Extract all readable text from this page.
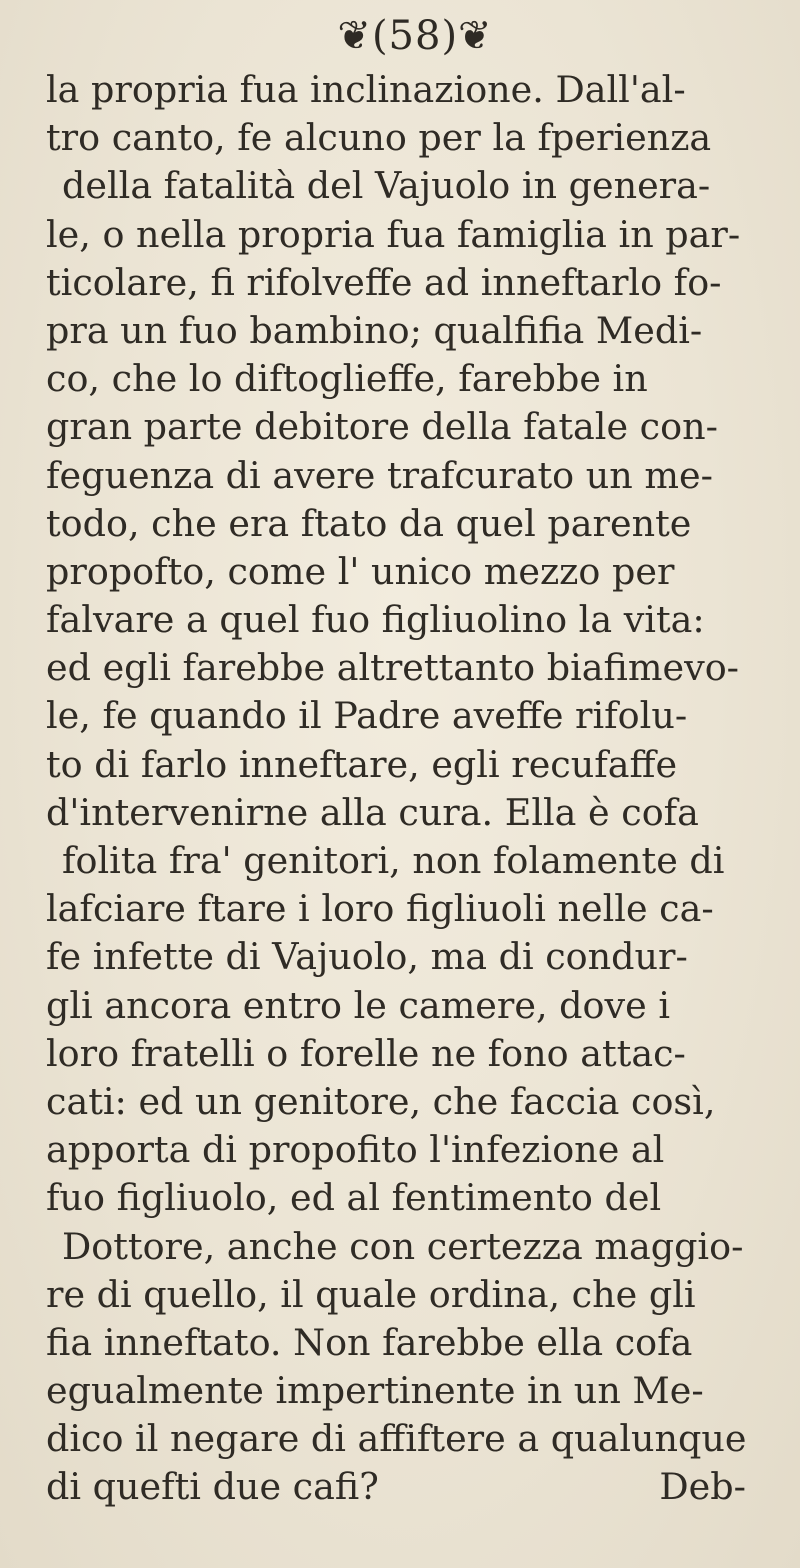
❦(58)❦
la propria fua inclinazione. Dall'al-
tro canto, fe alcuno per la fperienza
della fatalità del Vajuolo in genera-
le, o nella propria fua famiglia in par-
ticolare, fi rifolveffe ad inneftarlo fo-
pra un fuo bambino; qualfifia Medi-
co, che lo diftoglieffe, farebbe in
gran parte debitore della fatale con-
feguenza di avere trafcurato un me-
todo, che era ftato da quel parente
propofto, come l' unico mezzo per
falvare a quel fuo figliuolino la vita:
ed egli farebbe altrettanto biafimevo-
le, fe quando il Padre aveffe rifolu-
to di farlo inneftare, egli recufaffe
d'intervenirne alla cura. Ella è cofa
folita fra' genitori, non folamente di
lafciare ftare i loro figliuoli nelle ca-
fe infette di Vajuolo, ma di condur-
gli ancora entro le camere, dove i
loro fratelli o forelle ne fono attac-
cati: ed un genitore, che faccia così,
apporta di propofito l'infezione al
fuo figliuolo, ed al fentimento del
Dottore, anche con certezza maggio-
re di quello, il quale ordina, che gli
fia inneftato. Non farebbe ella cofa
egualmente impertinente in un Me-
dico il negare di affiftere a qualunque
di quefti due cafi?	Deb-
